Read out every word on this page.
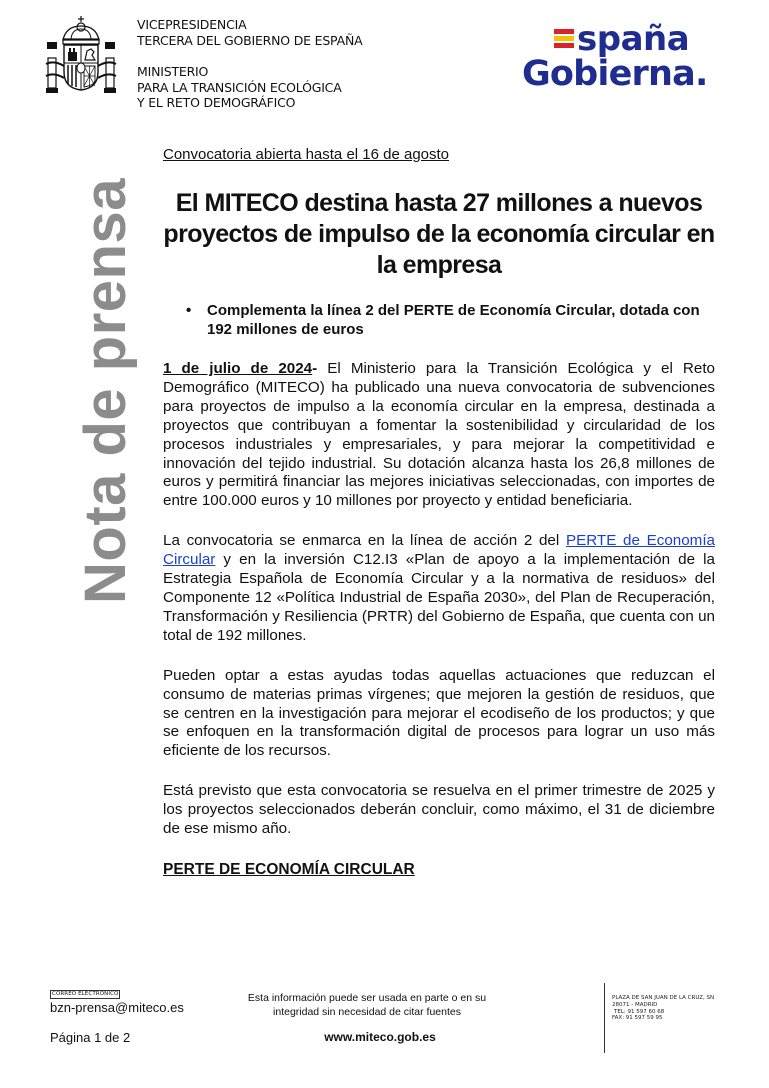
VICEPRESIDENCIA
TERCERA DEL GOBIERNO DE ESPAÑA
MINISTERIO
PARA LA TRANSICIÓN ECOLÓGICA
Y EL RETO DEMOGRÁFICO
spaña
Gobierna.
Nota de prensa
Convocatoria abierta hasta el 16 de agosto
El MITECO destina hasta 27 millones a nuevos proyectos de impulso de la economía circular en la empresa
• Complementa la línea 2 del PERTE de Economía Circular, dotada con 192 millones de euros

1 de julio de 2024- El Ministerio para la Transición Ecológica y el Reto Demográfico (MITECO) ha publicado una nueva convocatoria de subvenciones para proyectos de impulso a la economía circular en la empresa, destinada a proyectos que contribuyan a fomentar la sostenibilidad y circularidad de los procesos industriales y empresariales, y para mejorar la competitividad e innovación del tejido industrial. Su dotación alcanza hasta los 26,8 millones de euros y permitirá financiar las mejores iniciativas seleccionadas, con importes de entre 100.000 euros y 10 millones por proyecto y entidad beneficiaria.

La convocatoria se enmarca en la línea de acción 2 del PERTE de Economía Circular y en la inversión C12.I3 «Plan de apoyo a la implementación de la Estrategia Española de Economía Circular y a la normativa de residuos» del Componente 12 «Política Industrial de España 2030», del Plan de Recuperación, Transformación y Resiliencia (PRTR) del Gobierno de España, que cuenta con un total de 192 millones.

Pueden optar a estas ayudas todas aquellas actuaciones que reduzcan el consumo de materias primas vírgenes; que mejoren la gestión de residuos, que se centren en la investigación para mejorar el ecodiseño de los productos; y que se enfoquen en la transformación digital de procesos para lograr un uso más eficiente de los recursos.

Está previsto que esta convocatoria se resuelva en el primer trimestre de 2025 y los proyectos seleccionados deberán concluir, como máximo, el 31 de diciembre de ese mismo año.

PERTE DE ECONOMÍA CIRCULAR
CORREO ELECTRÓNICO
bzn-prensa@miteco.es
Página 1 de 2
Esta información puede ser usada en parte o en su integridad sin necesidad de citar fuentes
www.miteco.gob.es
PLAZA DE SAN JUAN DE LA CRUZ, SN
28071 - MADRID
TEL: 91 597 60 68
FAX: 91 597 59 95
